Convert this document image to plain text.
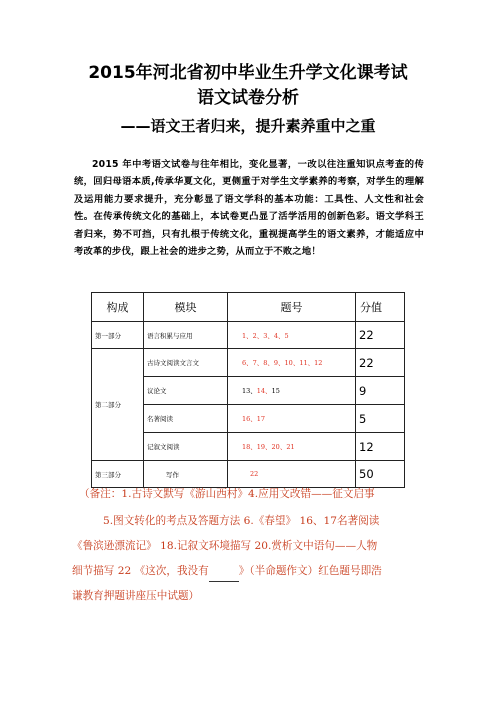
2015年河北省初中毕业生升学文化课考试
语文试卷分析
——语文王者归来，提升素养重中之重
2015 年中考语文试卷与往年相比，变化显著，一改以往注重知识点考查的传统，回归母语本质,传承华夏文化，更侧重于对学生文学素养的考察，对学生的理解及运用能力要求提升，充分彰显了语文学科的基本功能：工具性、人文性和社会性。在传承传统文化的基础上，本试卷更凸显了活学活用的创新色彩。语文学科王者归来，势不可挡，只有扎根于传统文化，重视提高学生的语文素养，才能适应中考改革的步伐，跟上社会的进步之势，从而立于不败之地！
构成	模块	题号	分值
第一部分	语言积累与应用	1、2、3、4、5	22
第二部分	古诗文阅读文言文	6、7、8、9、10、11、12	22
	议论文	13、14、15	9
	名著阅读	16、17	5
	记叙文阅读	18、19、20、21	12
第三部分	写作	22	50
（备注：1.古诗文默写《游山西村》4.应用文改错——征文启事
5.图文转化的考点及答题方法 6.《春望》 16、17名著阅读
《鲁滨逊漂流记》 18.记叙文环境描写 20.赏析文中语句——人物
细节描写 22 《这次，我没有	》（半命题作文）红色题号即浩
谦教育押题讲座压中试题）
